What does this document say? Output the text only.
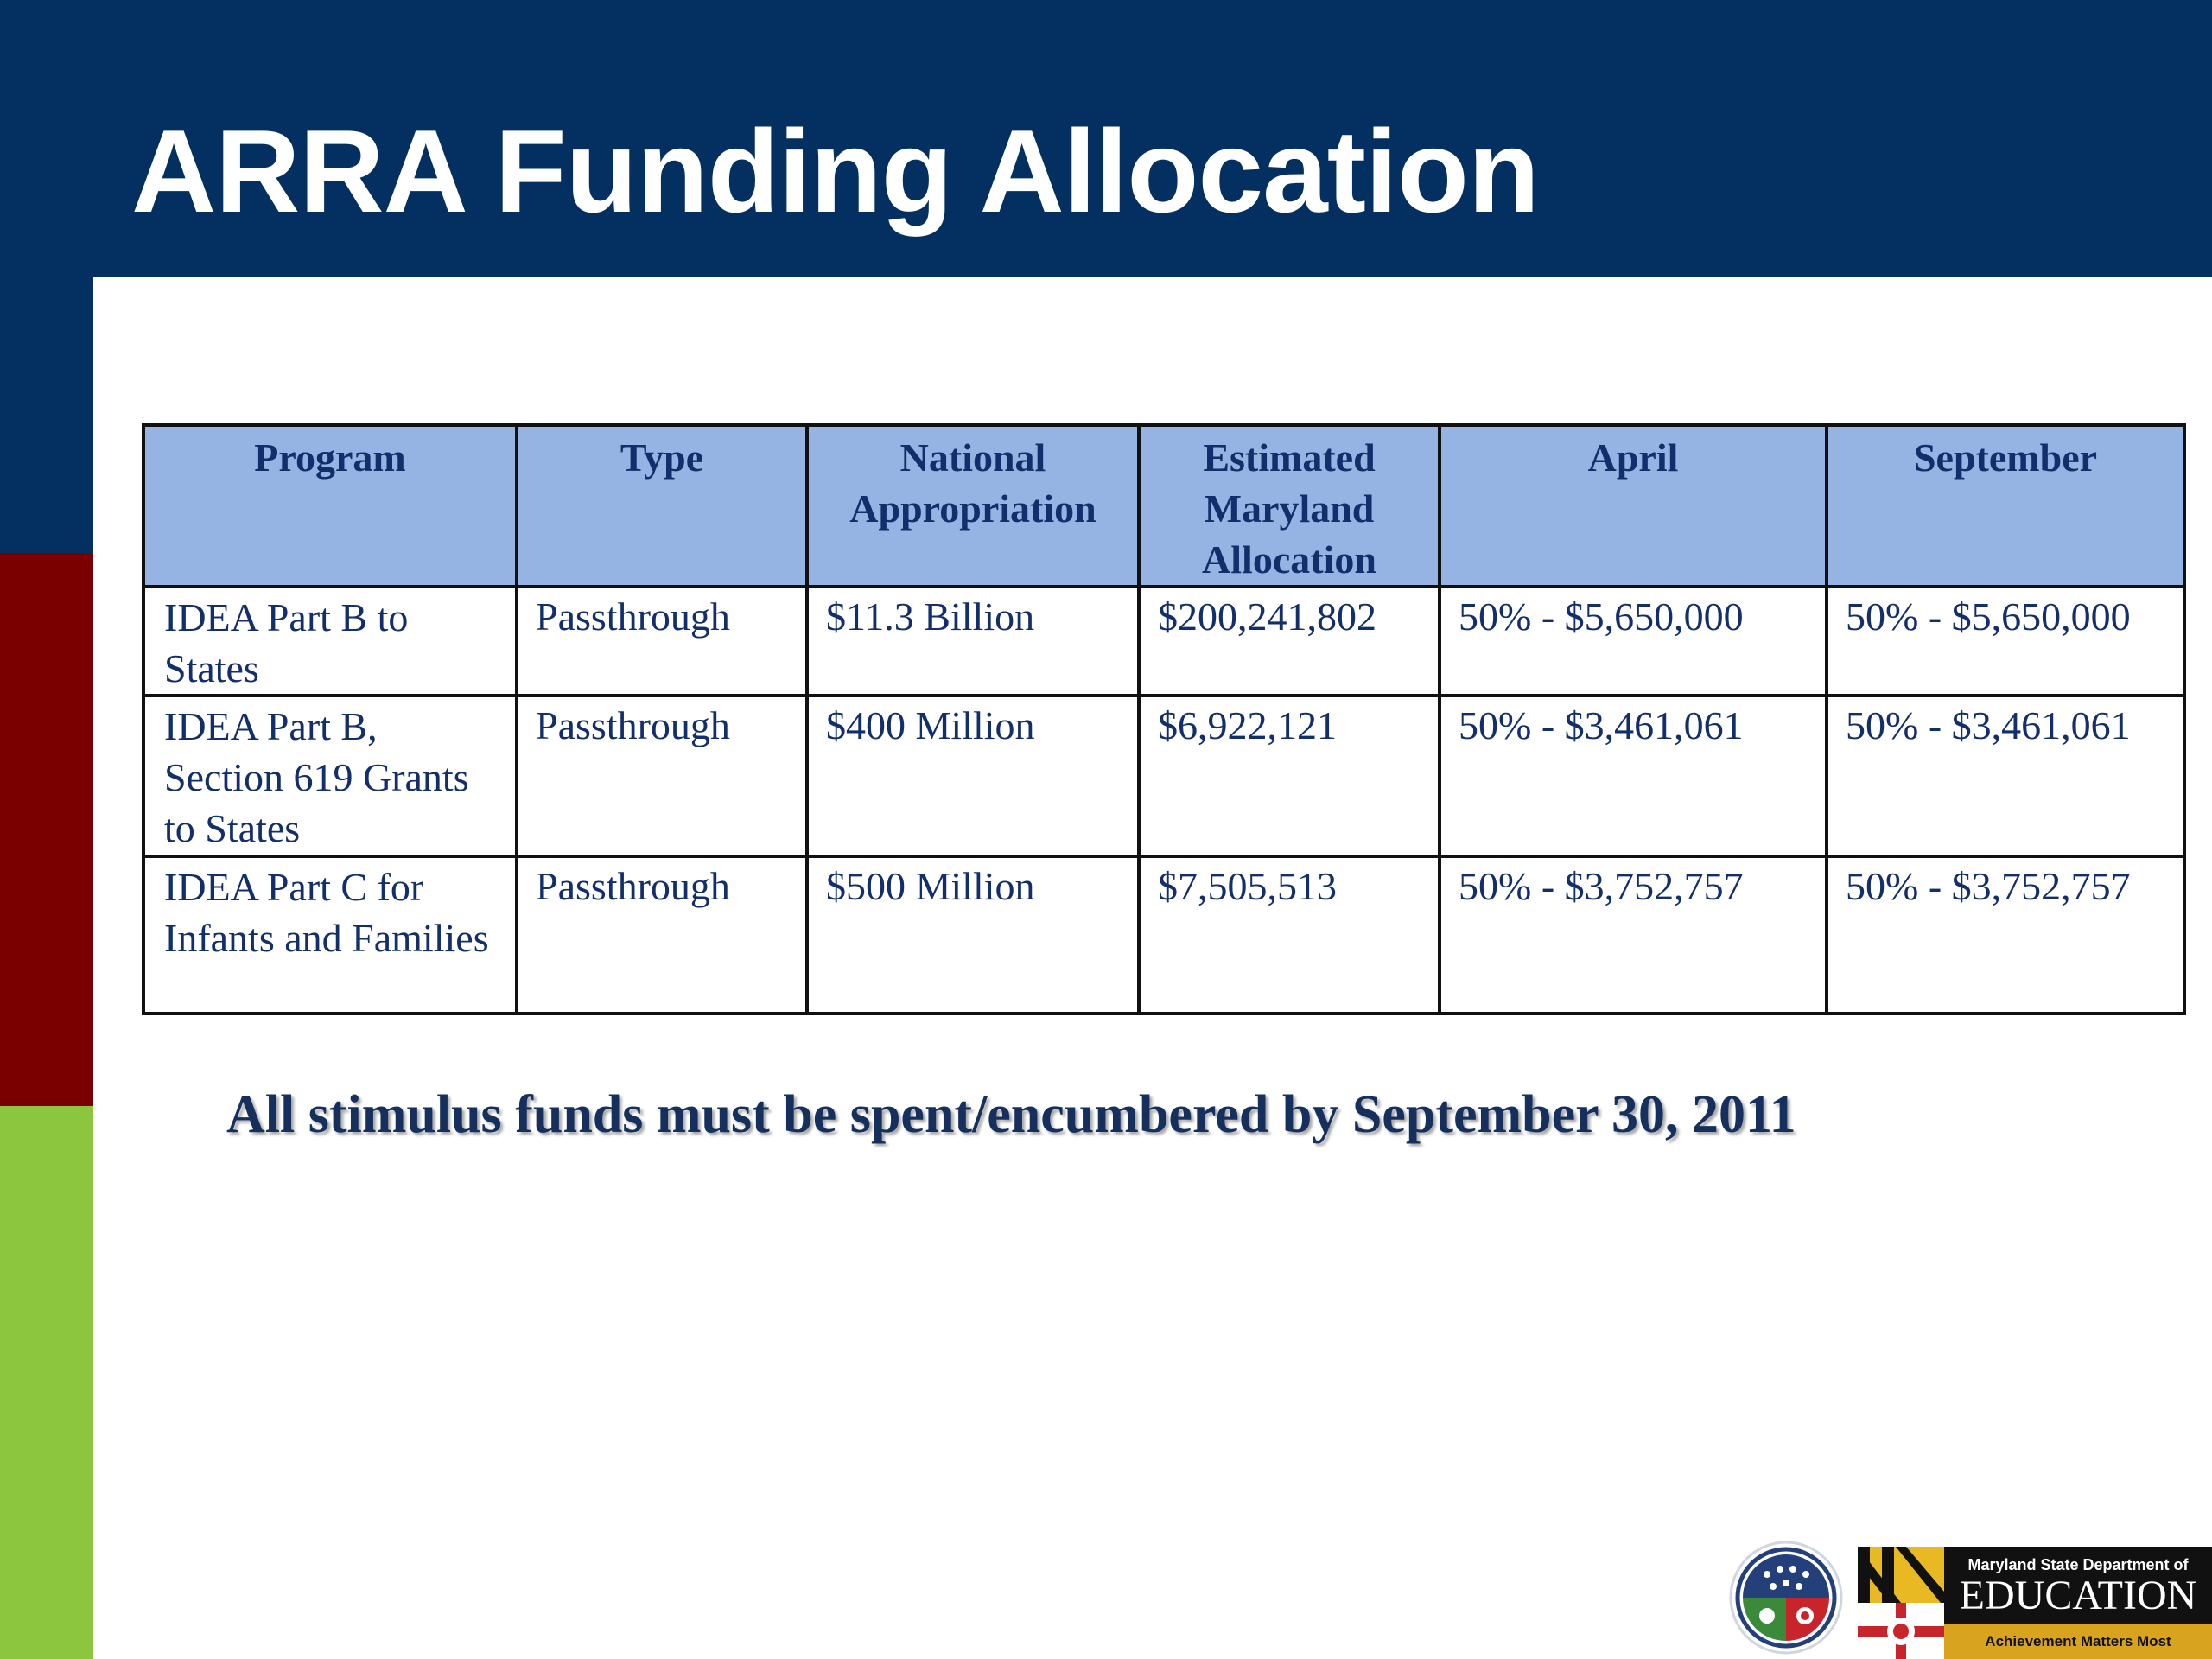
ARRA Funding Allocation
Program	Type	National Appropriation	Estimated Maryland Allocation	April	September
IDEA Part B to States	Passthrough	$11.3 Billion	$200,241,802	50% - $5,650,000	50% - $5,650,000
IDEA Part B, Section 619 Grants to States	Passthrough	$400 Million	$6,922,121	50% - $3,461,061	50% - $3,461,061
IDEA Part C for Infants and Families	Passthrough	$500 Million	$7,505,513	50% - $3,752,757	50% - $3,752,757
All stimulus funds must be spent/encumbered by September 30, 2011
Maryland State Department of
EDUCATION
Achievement Matters Most
